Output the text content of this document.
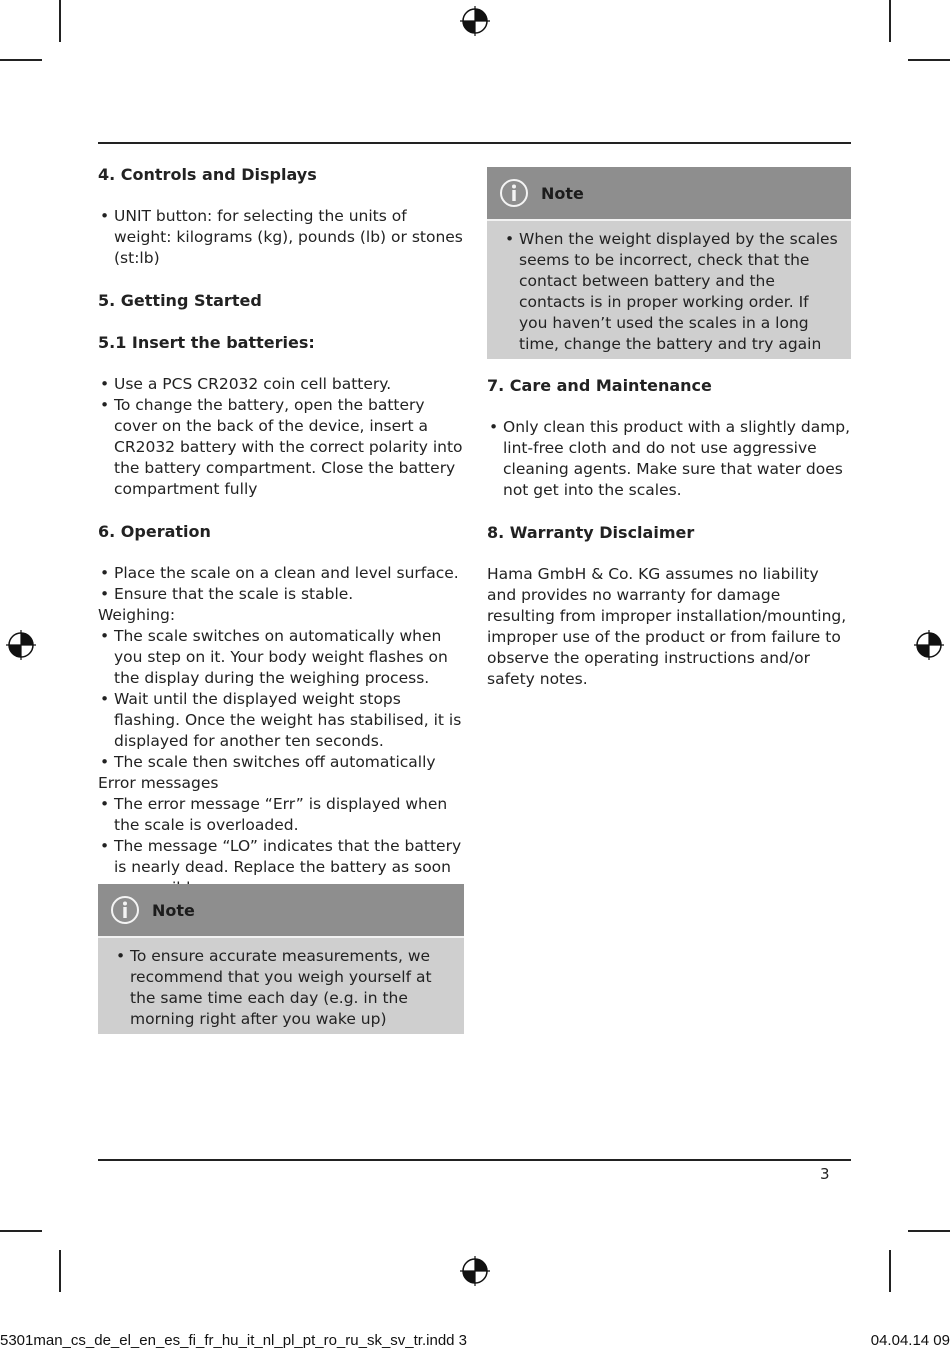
4. Controls and Displays
• UNIT button: for selecting the units of weight: kilograms (kg), pounds (lb) or stones (st:lb)
5. Getting Started
5.1 Insert the batteries:
• Use a PCS CR2032 coin cell battery.
• To change the battery, open the battery cover on the back of the device, insert a CR2032 battery with the correct polarity into the battery compartment. Close the battery compartment fully
6. Operation
• Place the scale on a clean and level surface.
• Ensure that the scale is stable.

Weighing:

• The scale switches on automatically when you step on it. Your body weight flashes on the display during the weighing process.
• Wait until the displayed weight stops flashing. Once the weight has stabilised, it is displayed for another ten seconds.
• The scale then switches off automatically

Error messages

• The error message “Err” is displayed when the scale is overloaded.
• The message “LO” indicates that the battery is nearly dead. Replace the battery as soon
Note
• To ensure accurate measurements, we recommend that you weigh yourself at the same time each day (e.g. in the morning right after you wake up)
Note
• When the weight displayed by the scales seems to be incorrect, check that the contact between battery and the contacts is in proper working order. If you haven’t used the scales in a long time, change the battery and try again
7. Care and Maintenance
• Only clean this product with a slightly damp, lint-free cloth and do not use aggressive cleaning agents. Make sure that water does not get into the scales.
8. Warranty Disclaimer

Hama GmbH & Co. KG assumes no liability and provides no warranty for damage resulting from improper installation/mounting, improper use of the product or from failure to observe the operating instructions and/or safety notes.

3
5301man_cs_de_el_en_es_fi_fr_hu_it_nl_pl_pt_ro_ru_sk_sv_tr.indd 3	04.04.14 09
